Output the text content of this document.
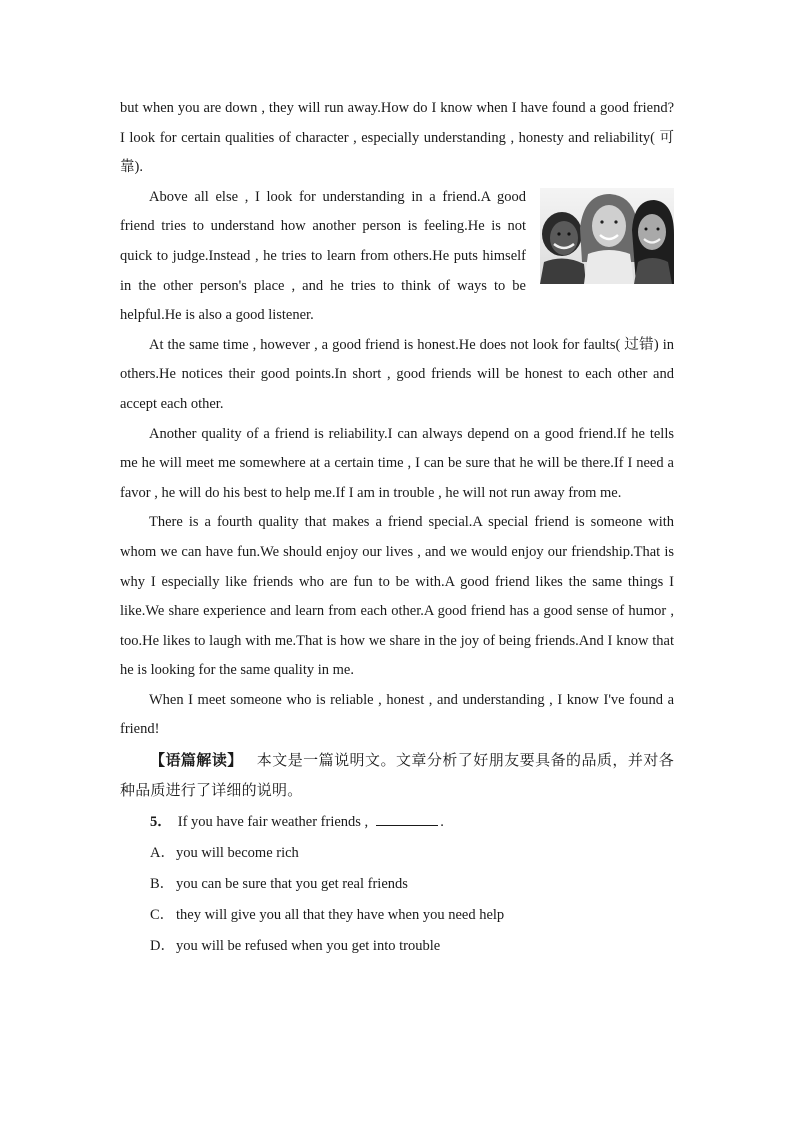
but when you are down , they will run away.How do I know when I have found a good friend? I look for certain qualities of character , especially understanding , honesty and reliability( 可靠).

Above all else , I look for understanding in a friend.A good friend tries to understand how another person is feeling.He is not quick to judge.Instead , he tries to learn from others.He puts himself in the other person's place , and he tries to think of ways to be helpful.He is also a good listener.

At the same time , however , a good friend is honest.He does not look for faults( 过错) in others.He notices their good points.In short , good friends will be honest to each other and accept each other.

Another quality of a friend is reliability.I can always depend on a good friend.If he tells me he will meet me somewhere at a certain time , I can be sure that he will be there.If I need a favor , he will do his best to help me.If I am in trouble , he will not run away from me.

There is a fourth quality that makes a friend special.A special friend is someone with whom we can have fun.We should enjoy our lives , and we would enjoy our friendship.That is why I especially like friends who are fun to be with.A good friend likes the same things I like.We share experience and learn from each other.A good friend has a good sense of humor , too.He likes to laugh with me.That is how we share in the joy of being friends.And I know that he is looking for the same quality in me.

When I meet someone who is reliable , honest , and understanding , I know I've found a friend!

【语篇解读】 本文是一篇说明文。文章分析了好朋友要具备的品质，并对各种品质进行了详细的说明。

5． If you have fair weather friends ,	.
A．you will become rich
B． you can be sure that you get real friends
C． they will give you all that they have when you need help
D．you will be refused when you get into trouble
